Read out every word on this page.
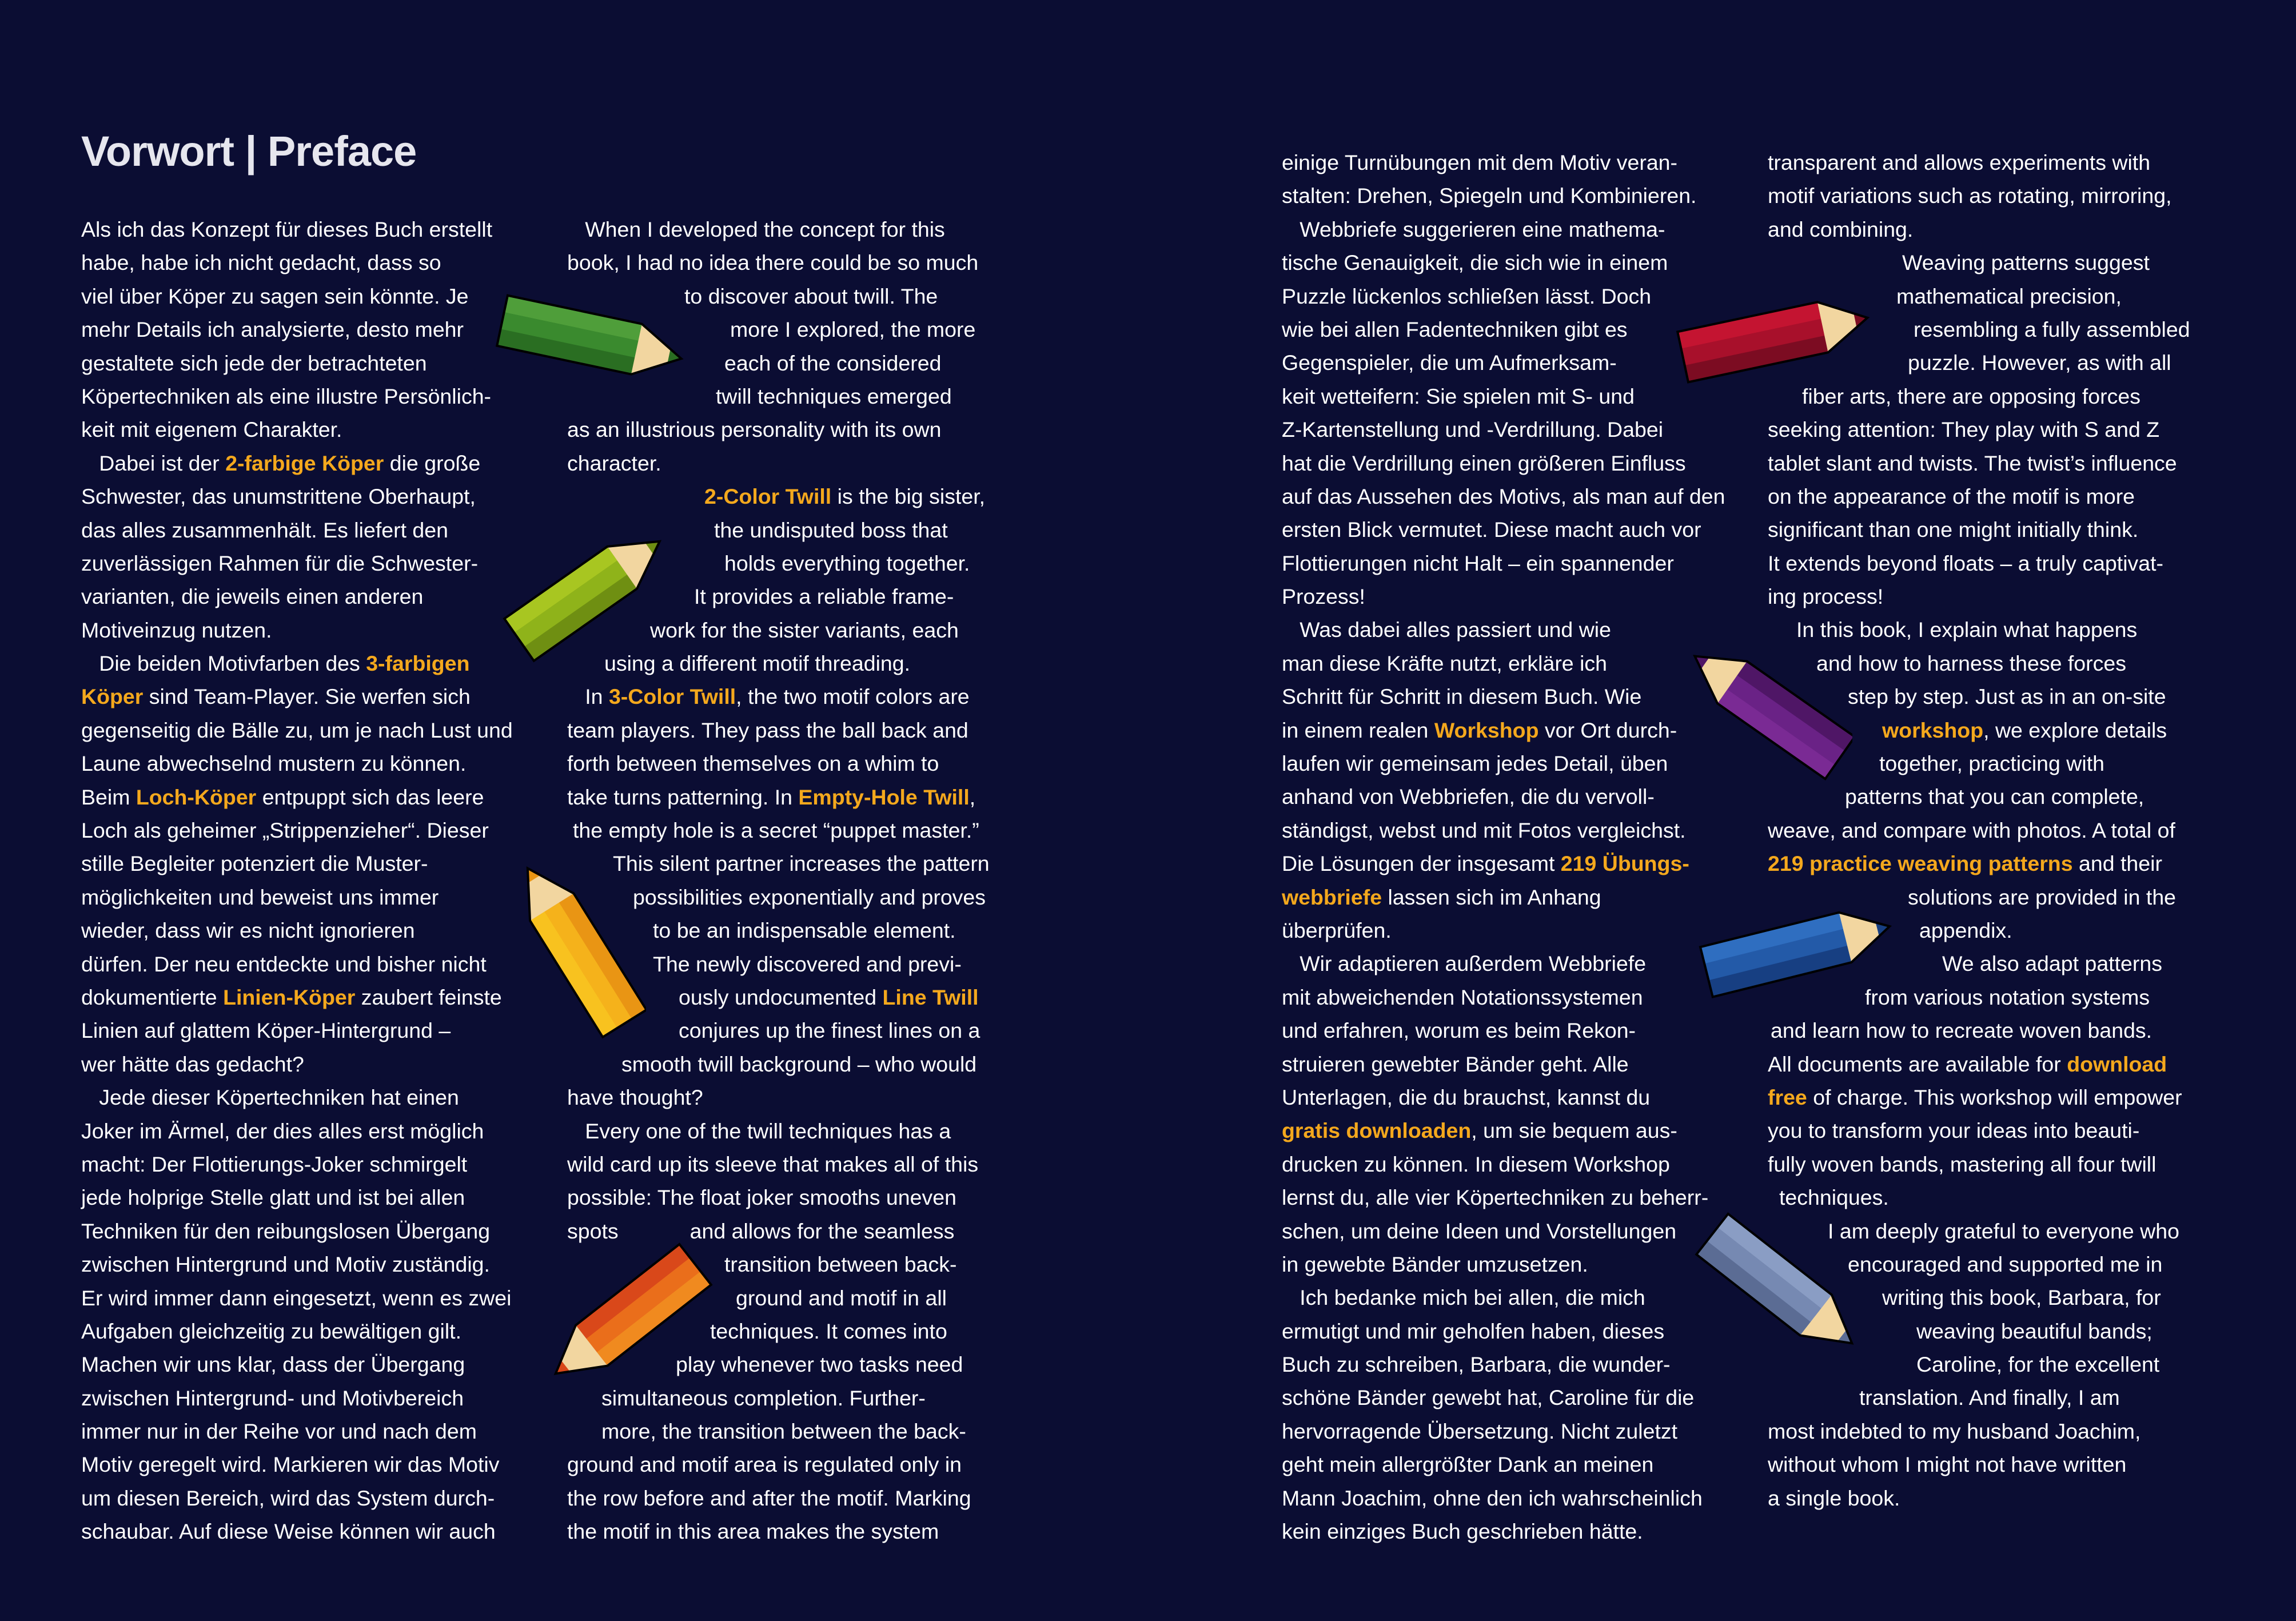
Vorwort | Preface
Als ich das Konzept für dieses Buch erstellt
habe, habe ich nicht gedacht, dass so
viel über Köper zu sagen sein könnte. Je
mehr Details ich analysierte, desto mehr
gestaltete sich jede der betrachteten
Köpertechniken als eine illustre Persönlich-
keit mit eigenem Charakter.
Dabei ist der 2-farbige Köper die große
Schwester, das unumstrittene Oberhaupt,
das alles zusammenhält. Es liefert den
zuverlässigen Rahmen für die Schwester-
varianten, die jeweils einen anderen
Motiveinzug nutzen.
Die beiden Motivfarben des 3-farbigen
Köper sind Team-Player. Sie werfen sich
gegenseitig die Bälle zu, um je nach Lust und
Laune abwechselnd mustern zu können.
Beim Loch-Köper entpuppt sich das leere
Loch als geheimer „Strippenzieher“. Dieser
stille Begleiter potenziert die Muster-
möglichkeiten und beweist uns immer
wieder, dass wir es nicht ignorieren
dürfen. Der neu entdeckte und bisher nicht
dokumentierte Linien-Köper zaubert feinste
Linien auf glattem Köper-Hintergrund –
wer hätte das gedacht?
Jede dieser Köpertechniken hat einen
Joker im Ärmel, der dies alles erst möglich
macht: Der Flottierungs-Joker schmirgelt
jede holprige Stelle glatt und ist bei allen
Techniken für den reibungslosen Übergang
zwischen Hintergrund und Motiv zuständig.
Er wird immer dann eingesetzt, wenn es zwei
Aufgaben gleichzeitig zu bewältigen gilt.
Machen wir uns klar, dass der Übergang
zwischen Hintergrund- und Motivbereich
immer nur in der Reihe vor und nach dem
Motiv geregelt wird. Markieren wir das Motiv
um diesen Bereich, wird das System durch-
schaubar. Auf diese Weise können wir auch
When I developed the concept for this
book, I had no idea there could be so much
to discover about twill. The
more I explored, the more
each of the considered
twill techniques emerged
as an illustrious personality with its own
character.
2-Color Twill is the big sister,
the undisputed boss that
holds everything together.
It provides a reliable frame-
work for the sister variants, each
using a different motif threading.
In 3-Color Twill, the two motif colors are
team players. They pass the ball back and
forth between themselves on a whim to
take turns patterning. In Empty-Hole Twill,
the empty hole is a secret “puppet master.”
This silent partner increases the pattern
possibilities exponentially and proves
to be an indispensable element.
The newly discovered and previ-
ously undocumented Line Twill
conjures up the finest lines on a
smooth twill background – who would
have thought?
Every one of the twill techniques has a
wild card up its sleeve that makes all of this
possible: The float joker smooths uneven
spots            and allows for the seamless
transition between back-
ground and motif in all
techniques. It comes into
play whenever two tasks need
simultaneous completion. Further-
more, the transition between the back-
ground and motif area is regulated only in
the row before and after the motif. Marking
the motif in this area makes the system
einige Turnübungen mit dem Motiv veran-
stalten: Drehen, Spiegeln und Kombinieren.
Webbriefe suggerieren eine mathema-
tische Genauigkeit, die sich wie in einem
Puzzle lückenlos schließen lässt. Doch
wie bei allen Fadentechniken gibt es
Gegenspieler, die um Aufmerksam-
keit wetteifern: Sie spielen mit S- und
Z-Kartenstellung und -Verdrillung. Dabei
hat die Verdrillung einen größeren Einfluss
auf das Aussehen des Motivs, als man auf den
ersten Blick vermutet. Diese macht auch vor
Flottierungen nicht Halt – ein spannender
Prozess!
Was dabei alles passiert und wie
man diese Kräfte nutzt, erkläre ich
Schritt für Schritt in diesem Buch. Wie
in einem realen Workshop vor Ort durch-
laufen wir gemeinsam jedes Detail, üben
anhand von Webbriefen, die du vervoll-
ständigst, webst und mit Fotos vergleichst.
Die Lösungen der insgesamt 219 Übungs-
webbriefe lassen sich im Anhang
überprüfen.
Wir adaptieren außerdem Webbriefe
mit abweichenden Notationssystemen
und erfahren, worum es beim Rekon-
struieren gewebter Bänder geht. Alle
Unterlagen, die du brauchst, kannst du
gratis downloaden, um sie bequem aus-
drucken zu können. In diesem Workshop
lernst du, alle vier Köpertechniken zu beherr-
schen, um deine Ideen und Vorstellungen
in gewebte Bänder umzusetzen.
Ich bedanke mich bei allen, die mich
ermutigt und mir geholfen haben, dieses
Buch zu schreiben, Barbara, die wunder-
schöne Bänder gewebt hat, Caroline für die
hervorragende Übersetzung. Nicht zuletzt
geht mein allergrößter Dank an meinen
Mann Joachim, ohne den ich wahrscheinlich
kein einziges Buch geschrieben hätte.
transparent and allows experiments with
motif variations such as rotating, mirroring,
and combining.
Weaving patterns suggest
mathematical precision,
resembling a fully assembled
puzzle. However, as with all
fiber arts, there are opposing forces
seeking attention: They play with S and Z
tablet slant and twists. The twist’s influence
on the appearance of the motif is more
significant than one might initially think.
It extends beyond floats – a truly captivat-
ing process!
In this book, I explain what happens
and how to harness these forces
step by step. Just as in an on-site
workshop, we explore details
together, practicing with
patterns that you can complete,
weave, and compare with photos. A total of
219 practice weaving patterns and their
solutions are provided in the
appendix.
We also adapt patterns
from various notation systems
and learn how to recreate woven bands.
All documents are available for download
free of charge. This workshop will empower
you to transform your ideas into beauti-
fully woven bands, mastering all four twill
techniques.
I am deeply grateful to everyone who
encouraged and supported me in
writing this book, Barbara, for
weaving beautiful bands;
Caroline, for the excellent
translation. And finally, I am
most indebted to my husband Joachim,
without whom I might not have written
a single book.
